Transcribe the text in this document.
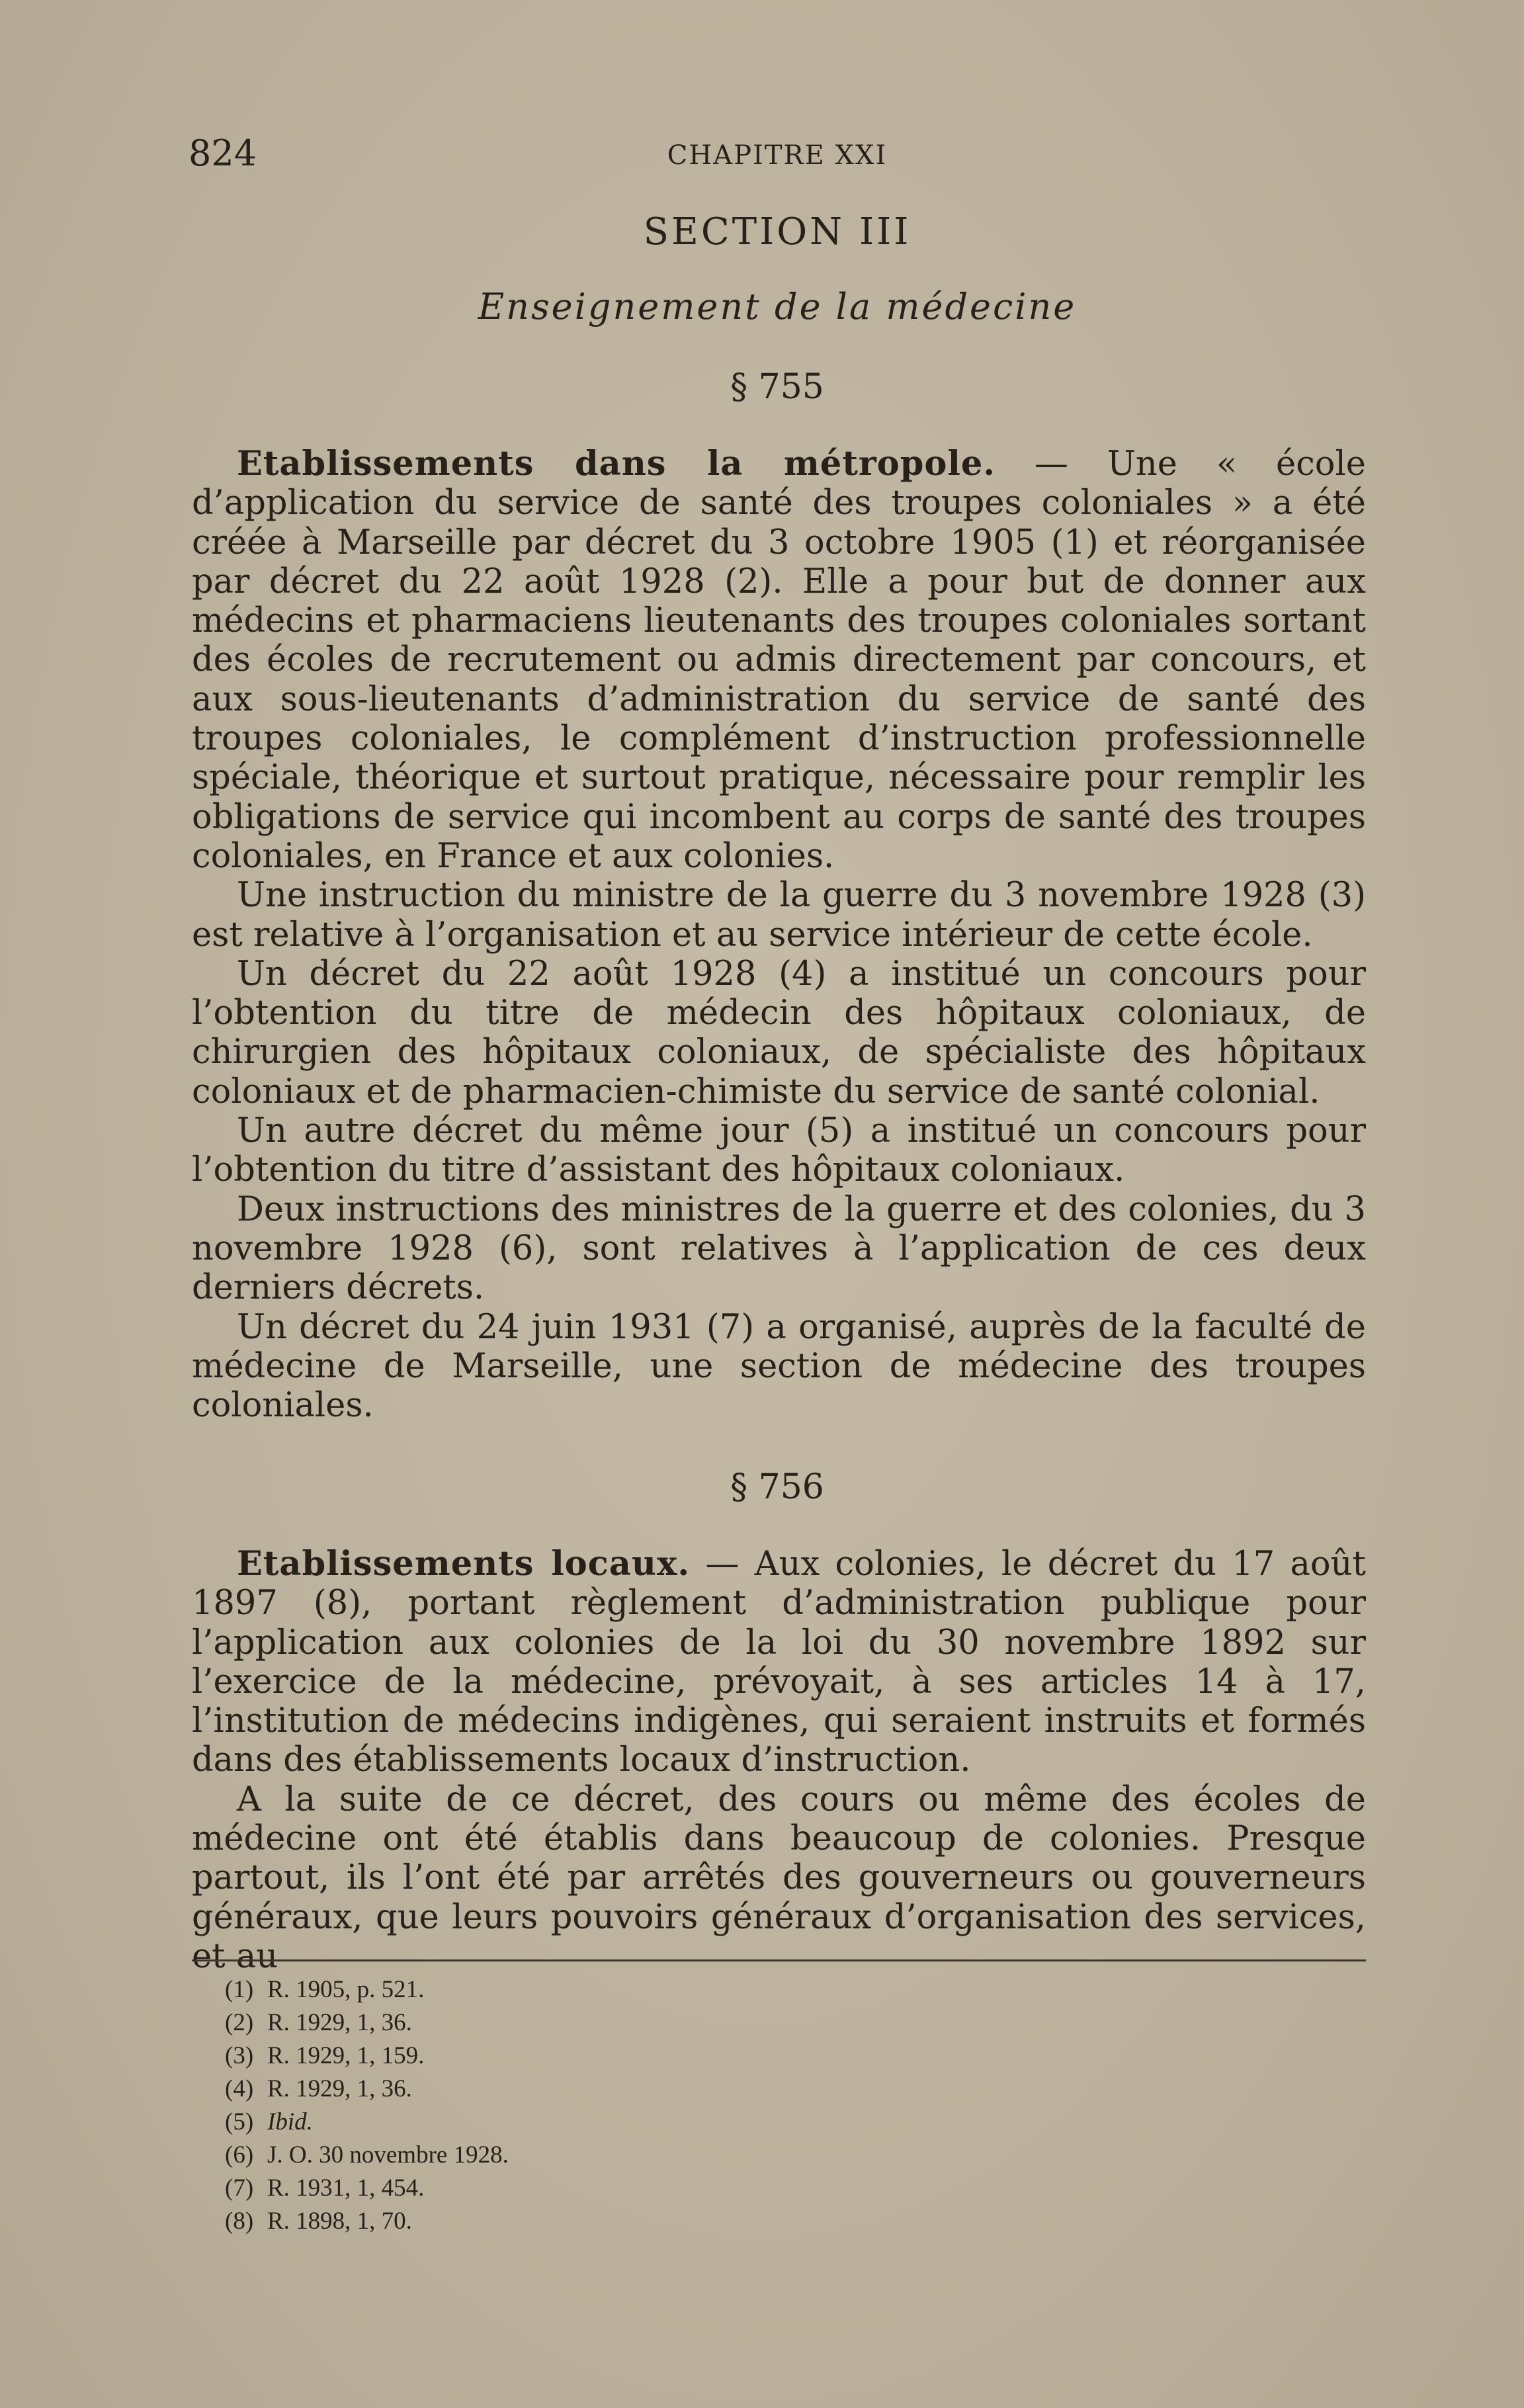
824	CHAPITRE XXI
SECTION III
Enseignement de la médecine
§ 755

Etablissements dans la métropole. — Une « école d’application du service de santé des troupes coloniales » a été créée à Marseille par décret du 3 octobre 1905 (1) et réorganisée par décret du 22 août 1928 (2). Elle a pour but de donner aux médecins et pharmaciens lieutenants des troupes coloniales sortant des écoles de recrutement ou admis directement par concours, et aux sous-lieutenants d’administration du service de santé des troupes coloniales, le complément d’instruction professionnelle spéciale, théorique et surtout pratique, nécessaire pour remplir les obligations de service qui incombent au corps de santé des troupes coloniales, en France et aux colonies.

Une instruction du ministre de la guerre du 3 novembre 1928 (3) est relative à l’organisation et au service intérieur de cette école.

Un décret du 22 août 1928 (4) a institué un concours pour l’obtention du titre de médecin des hôpitaux coloniaux, de chirurgien des hôpitaux coloniaux, de spécialiste des hôpitaux coloniaux et de pharmacien-chimiste du service de santé colonial.

Un autre décret du même jour (5) a institué un concours pour l’obtention du titre d’assistant des hôpitaux coloniaux.

Deux instructions des ministres de la guerre et des colonies, du 3 novembre 1928 (6), sont relatives à l’application de ces deux derniers décrets.

Un décret du 24 juin 1931 (7) a organisé, auprès de la faculté de médecine de Marseille, une section de médecine des troupes coloniales.

§ 756

Etablissements locaux. — Aux colonies, le décret du 17 août 1897 (8), portant règlement d’administration publique pour l’application aux colonies de la loi du 30 novembre 1892 sur l’exercice de la médecine, prévoyait, à ses articles 14 à 17, l’institution de médecins indigènes, qui seraient instruits et formés dans des établissements locaux d’instruction.

A la suite de ce décret, des cours ou même des écoles de médecine ont été établis dans beaucoup de colonies. Presque partout, ils l’ont été par arrêtés des gouverneurs ou gouverneurs généraux, que leurs pouvoirs généraux d’organisation des services, et au

(1) R. 1905, p. 521.
(2) R. 1929, 1, 36.
(3) R. 1929, 1, 159.
(4) R. 1929, 1, 36.
(5) Ibid.
(6) J. O. 30 novembre 1928.
(7) R. 1931, 1, 454.
(8) R. 1898, 1, 70.
